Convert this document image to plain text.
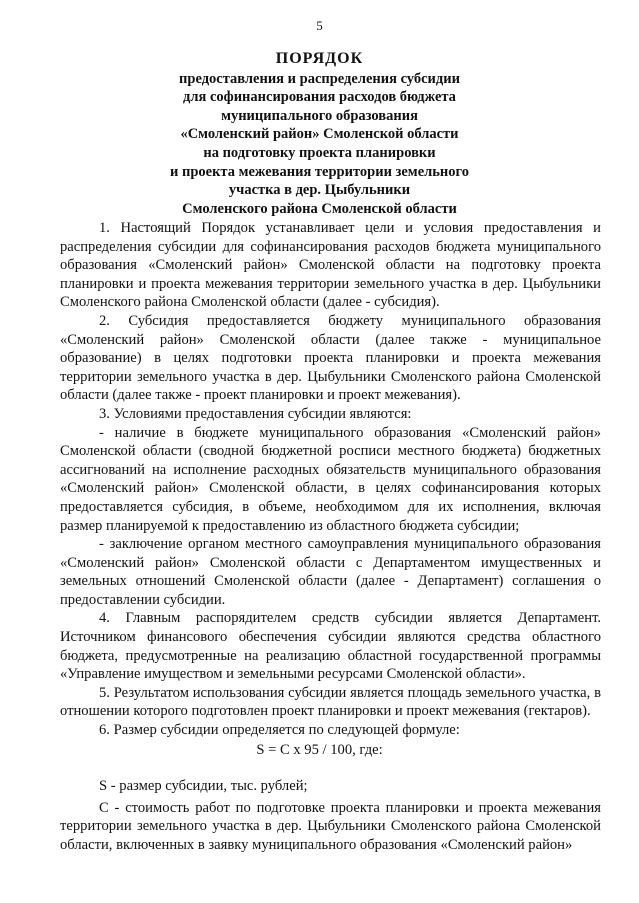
5
ПОРЯДОК
предоставления и распределения субсидии
для софинансирования расходов бюджета
муниципального образования
«Смоленский район» Смоленской области
на подготовку проекта планировки
и проекта межевания территории земельного
участка в дер. Цыбульники
Смоленского района Смоленской области

1. Настоящий Порядок устанавливает цели и условия предоставления и распределения субсидии для софинансирования расходов бюджета муниципального образования «Смоленский район» Смоленской области на подготовку проекта планировки и проекта межевания территории земельного участка в дер. Цыбульники Смоленского района Смоленской области (далее - субсидия).

2. Субсидия предоставляется бюджету муниципального образования «Смоленский район» Смоленской области (далее также - муниципальное образование) в целях подготовки проекта планировки и проекта межевания территории земельного участка в дер. Цыбульники Смоленского района Смоленской области (далее также - проект планировки и проект межевания).

3. Условиями предоставления субсидии являются:

- наличие в бюджете муниципального образования «Смоленский район» Смоленской области (сводной бюджетной росписи местного бюджета) бюджетных ассигнований на исполнение расходных обязательств муниципального образования «Смоленский район» Смоленской области, в целях софинансирования которых предоставляется субсидия, в объеме, необходимом для их исполнения, включая размер планируемой к предоставлению из областного бюджета субсидии;

- заключение органом местного самоуправления муниципального образования «Смоленский район» Смоленской области с Департаментом имущественных и земельных отношений Смоленской области (далее - Департамент) соглашения о предоставлении субсидии.

4. Главным распорядителем средств субсидии является Департамент. Источником финансового обеспечения субсидии являются средства областного бюджета, предусмотренные на реализацию областной государственной программы «Управление имуществом и земельными ресурсами Смоленской области».

5. Результатом использования субсидии является площадь земельного участка, в отношении которого подготовлен проект планировки и проект межевания (гектаров).

6. Размер субсидии определяется по следующей формуле:

S = C x 95 / 100, где:

S - размер субсидии, тыс. рублей;

С - стоимость работ по подготовке проекта планировки и проекта межевания территории земельного участка в дер. Цыбульники Смоленского района Смоленской области, включенных в заявку муниципального образования «Смоленский район»
